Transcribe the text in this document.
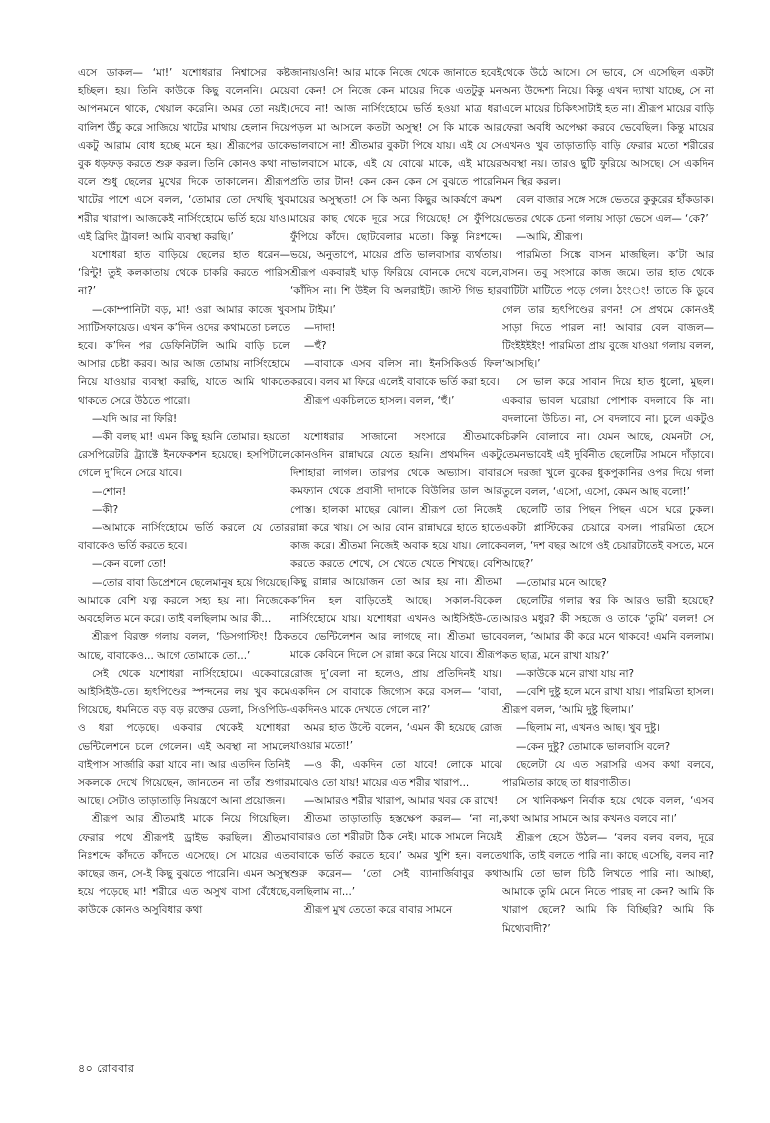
এসে ডাকল— ‘মা!’ যশোধরার নিশ্বাসের কষ্ট হচ্ছিল। হয়। তিনি কাউকে কিছু বলেননি। মেয়ে আপনমনে থাকে, খেয়াল করেনি। অমর তো নয়ই। বালিশ উঁচু করে সাজিয়ে খাটের মাথায় হেলান দিয়ে একটু আরাম বোধ হচ্ছে মনে হয়। শ্রীরূপের ডাকে বুক ধড়ফড় করতে শুরু করল। তিনি কোনও কথা না বলে শুধু ছেলের মুখের দিকে তাকালেন। শ্রীরূপ খাটের পাশে এসে বলল, ‘তোমার তো দেখছি খুব শরীর খারাপ। আজকেই নার্সিংহোমে ভর্তি হয়ে যাও। এই ব্রিদিং ট্রাবল! আমি ব্যবস্থা করছি।’

যশোধরা হাত বাড়িয়ে ছেলের হাত ধরেন— ‘রিন্টু! তুই কলকাতায় থেকে চাকরি করতে পারিস না?’

—কোম্পানিটা বড়, মা! ওরা আমার কাজে খুব স্যাটিসফায়েড। এখন ক’দিন ওদের কথামতো চলতে হবে। ক’দিন পর ডেফিনিটলি আমি বাড়ি চলে আসার চেষ্টা করব। আর আজ তোমায় নার্সিংহোমে নিয়ে যাওয়ার ব্যবস্থা করছি, যাতে আমি থাকতে থাকতে সেরে উঠতে পারো।

—যদি আর না ফিরি!

—কী বলছ মা! এমন কিছু হয়নি তোমার। হয়তো রেসপিরেটরি ট্র্যাক্টে ইনফেকশন হয়েছে। হসপিটালে গেলে দু’দিনে সেরে যাবে।

—শোন!

—কী?

—আমাকে নার্সিংহোমে ভর্তি করলে যে তোর বাবাকেও ভর্তি করতে হবে।

—কেন বলো তো!

—তোর বাবা ডিপ্রেশনে ছেলেমানুষ হয়ে গিয়েছে। আমাকে বেশি যত্ন করলে সহ্য হয় না। নিজেকে অবহেলিত মনে করে। তাই বলছিলাম আর কী...

শ্রীরূপ বিরক্ত গলায় বলল, ‘ডিসগাস্টিং! ঠিক আছে, বাবাকেও... আগে তোমাকে তো...’

সেই থেকে যশোধরা নার্সিংহোমে। একেবারে আইসিইউ-তে। হৃৎপিণ্ডের স্পন্দনের লয় খুব কমে গিয়েছে, ধমনিতে বড় বড় রক্তের ডেলা, সিওপিডি-ও ধরা পড়েছে। একবার থেকেই যশোধরা ভেন্টিলেশনে চলে গেলেন। এই অবস্থা না সামলে বাইপাস সার্জারি করা যাবে না। আর এতদিন তিনিই সকলকে দেখে গিয়েছেন, জানতেন না তাঁর শুগার আছে। সেটাও তাড়াতাড়ি নিয়ন্ত্রণে আনা প্রয়োজন।

শ্রীরূপ আর শ্রীতমাই মাকে নিয়ে গিয়েছিল। ফেরার পথে শ্রীরূপই ড্রাইভ করছিল। শ্রীতমা নিঃশব্দে কাঁদতে কাঁদতে এসেছে। সে মায়ের এত কাছের জন, সে-ই কিছু বুঝতে পারেনি। এমন অসুস্থ হয়ে পড়েছে মা! শরীরে এত অসুখ বাসা বেঁধেছে, কাউকে কোনও অসুবিধার কথা

জানায়ওনি! আর মাকে নিজে থেকে জানাতে হবেই বা কেন! সে নিজে কেন মায়ের দিকে এতটুকু মন দেবে না! আজ নার্সিংহোমে ভর্তি হওয়া মাত্র ধরা পড়ল মা আসলে কতটা অসুস্থ! সে কি মাকে আর ভালবাসে না! শ্রীতমার বুকটা পিষে যায়। এই যে সে ভালবাসে মাকে, এই যে বোঝে মাকে, এই মায়ের প্রতি তার টান! কেন কেন কেন সে বুঝতে পারেনি মায়ের অসুস্থতা! সে কি অন্য কিছুর আকর্ষণে ক্রমশ মায়ের কাছ থেকে দূরে সরে গিয়েছে! সে ফুঁপিয়ে ফুঁপিয়ে কাঁদে। ছোটবেলার মতো। কিন্তু নিঃশব্দে। ভয়ে, অনুতাপে, মায়ের প্রতি ভালবাসার ব্যর্থতায়। শ্রীরূপ একবারই ঘাড় ফিরিয়ে বোনকে দেখে বলে, ‘কাঁদিস না। শি উইল বি অলরাইট। জাস্ট গিভ হার সাম টাইম।’

—দাদা!

—হুঁ?

—বাবাকে এসব বলিস না। ইনসিকিওর্ড ফিল করবে। বলব মা ফিরে এলেই বাবাকে ভর্তি করা হবে।

শ্রীরূপ একচিলতে হাসল। বলল, ‘হুঁ।’

যশোধরার সাজানো সংসারে শ্রীতমাকে কোনওদিন রান্নাঘরে যেতে হয়নি। প্রথমদিন একটু দিশাহারা লাগল। তারপর থেকে অভ্যাস। বাবার কমফ্যান থেকে প্রবাসী দাদাকে বিউলির ডাল আর পোস্ত। হালকা মাছের ঝোল। শ্রীরূপ তো নিজেই রান্না করে খায়। সে আর বোন রান্নাঘরে হাতে হাতে কাজ করে। শ্রীতমা নিজেই অবাক হয়ে যায়। লোকে করতে করতে শেখে, সে খেতে খেতে শিখছে। বেশি কিছু রান্নার আয়োজন তো আর হয় না। শ্রীতমা ক’দিন হল বাড়িতেই আছে। সকাল-বিকেল নার্সিংহোমে যায়। যশোধরা এখনও আইসিইউ-তে। তবে ভেন্টিলেশন আর লাগছে না। শ্রীতমা ভাবে মাকে কেবিনে দিলে সে রান্না করে নিয়ে যাবে। শ্রীরূপ রোজ দু’বেলা না হলেও, প্রায় প্রতিদিনই যায়। একদিন সে বাবাকে জিগ্যেস করে বসল— ‘বাবা, একদিনও মাকে দেখতে গেলে না?’

অমর হাত উল্টে বলেন, ‘এমন কী হয়েছে রোজ যাওয়ার মতো!’

—ও কী, একদিন তো যাবে! লোকে মাঝে মাঝেও তো যায়! মায়ের এত শরীর খারাপ...

—আমারও শরীর খারাপ, আমার খবর কে রাখে!

শ্রীতমা তাড়াতাড়ি হস্তক্ষেপ করল— ‘না না, বাবারও তো শরীরটা ঠিক নেই। মাকে সামলে নিয়েই বাবাকে ভর্তি করতে হবে।’ অমর খুশি হন। বলতে শুরু করেন— ‘তো সেই ব্যানার্জিবাবুর কথা বলছিলাম না...’

শ্রীরূপ মুখ তেতো করে বাবার সামনে

থেকে উঠে আসে। সে ভাবে, সে এসেছিল একটা অন্য উদ্দেশ্য নিয়ে। কিন্তু এখন দ্যাখা যাচ্ছে, সে না এলে মায়ের চিকিৎসাটাই হত না। শ্রীরূপ মায়ের বাড়ি ফেরা অবধি অপেক্ষা করবে ভেবেছিল। কিন্তু মায়ের এখনও খুব তাড়াতাড়ি বাড়ি ফেরার মতো শরীরের অবস্থা নয়। তারও ছুটি ফুরিয়ে আসছে। সে একদিন মন স্থির করল।

বেল বাজার সঙ্গে সঙ্গে ভেতরে কুকুরের হাঁকডাক। ভেতর থেকে চেনা গলায় সাড়া ভেসে এল— ‘কে?’

—আমি, শ্রীরূপ।

পারমিতা সিঙ্কে বাসন মাজছিল। ক’টা আর বাসন। তবু সংসারে কাজ জমে। তার হাত থেকে বাটিটা মাটিতে পড়ে গেল। ঠংংং! তাতে কি ডুবে গেল তার হৃৎপিণ্ডের রণন! সে প্রথমে কোনওই সাড়া দিতে পারল না! আবার বেল বাজল— টিংইইইইং! পারমিতা প্রায় বুজে যাওয়া গলায় বলল, ‘আসছি।’

সে ভাল করে সাবান দিয়ে হাত ধুলো, মুছল। একবার ভাবল ঘরোয়া পোশাক বদলাবে কি না। বদলানো উচিত। না, সে বদলাবে না। চুলে একটুও চিরুনি বোলাবে না। যেমন আছে, যেমনটা সে, তেমনভাবেই এই দুর্বিনীত ছেলেটির সামনে দাঁড়াবে। সে দরজা খুলে বুকের ধুকপুকানির ওপর দিয়ে গলা তুলে বলল, ‘এসো, এসো, কেমন আছ বলো!’

ছেলেটি তার পিছন পিছন এসে ঘরে ঢুকল। একটা প্লাস্টিকের চেয়ারে বসল। পারমিতা হেসে বলল, ‘দশ বছর আগে ওই চেয়ারটাতেই বসতে, মনে আছে?’

—তোমার মনে আছে?

ছেলেটির গলার স্বর কি আরও ভারী হয়েছে? আরও মধুর? কী সহজে ও তাকে ‘তুমি’ বলল! সে বলল, ‘আমার কী করে মনে থাকবে! এমনি বললাম। কত ছাত্র, মনে রাখা যায়?’

—কাউকে মনে রাখা যায় না?

—বেশি দুষ্টু হলে মনে রাখা যায়। পারমিতা হাসল। শ্রীরূপ বলল, ‘আমি দুষ্টু ছিলাম।’

—ছিলাম না, এখনও আছ। খুব দুষ্টু।

—কেন দুষ্টু? তোমাকে ভালবাসি বলে?

ছেলেটা যে এত সরাসরি এসব কথা বলবে, পারমিতার কাছে তা ধারণাতীত।

সে খানিকক্ষণ নির্বাক হয়ে থেকে বলল, ‘এসব কথা আমার সামনে আর কখনও বলবে না।’

শ্রীরূপ হেসে উঠল— ‘বলব বলব বলব, দূরে থাকি, তাই বলতে পারি না। কাছে এসেছি, বলব না? আমি তো ভাল চিঠি লিখতে পারি না। আচ্ছা, আমাকে তুমি মেনে নিতে পারছ না কেন? আমি কি খারাপ ছেলে? আমি কি বিচ্ছিরি? আমি কি মিথ্যেবাদী?’

৪০ রোববার
